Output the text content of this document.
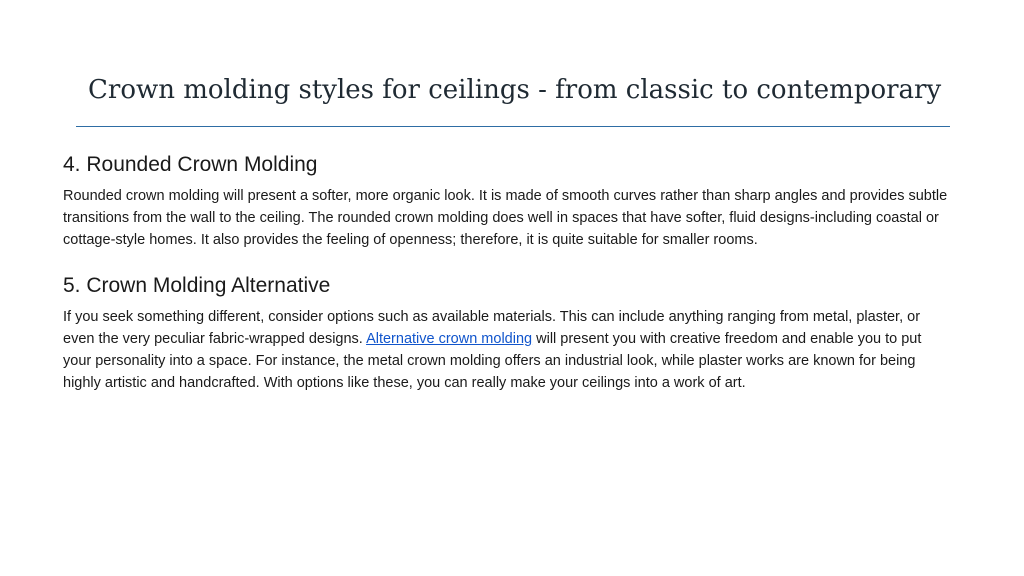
Crown molding styles for ceilings - from classic to contemporary
4. Rounded Crown Molding

Rounded crown molding will present a softer, more organic look. It is made of smooth curves rather than sharp angles and provides subtle transitions from the wall to the ceiling. The rounded crown molding does well in spaces that have softer, fluid designs-including coastal or cottage-style homes. It also provides the feeling of openness; therefore, it is quite suitable for smaller rooms.

5. Crown Molding Alternative

If you seek something different, consider options such as available materials. This can include anything ranging from metal, plaster, or even the very peculiar fabric-wrapped designs. Alternative crown molding will present you with creative freedom and enable you to put your personality into a space. For instance, the metal crown molding offers an industrial look, while plaster works are known for being highly artistic and handcrafted. With options like these, you can really make your ceilings into a work of art.
